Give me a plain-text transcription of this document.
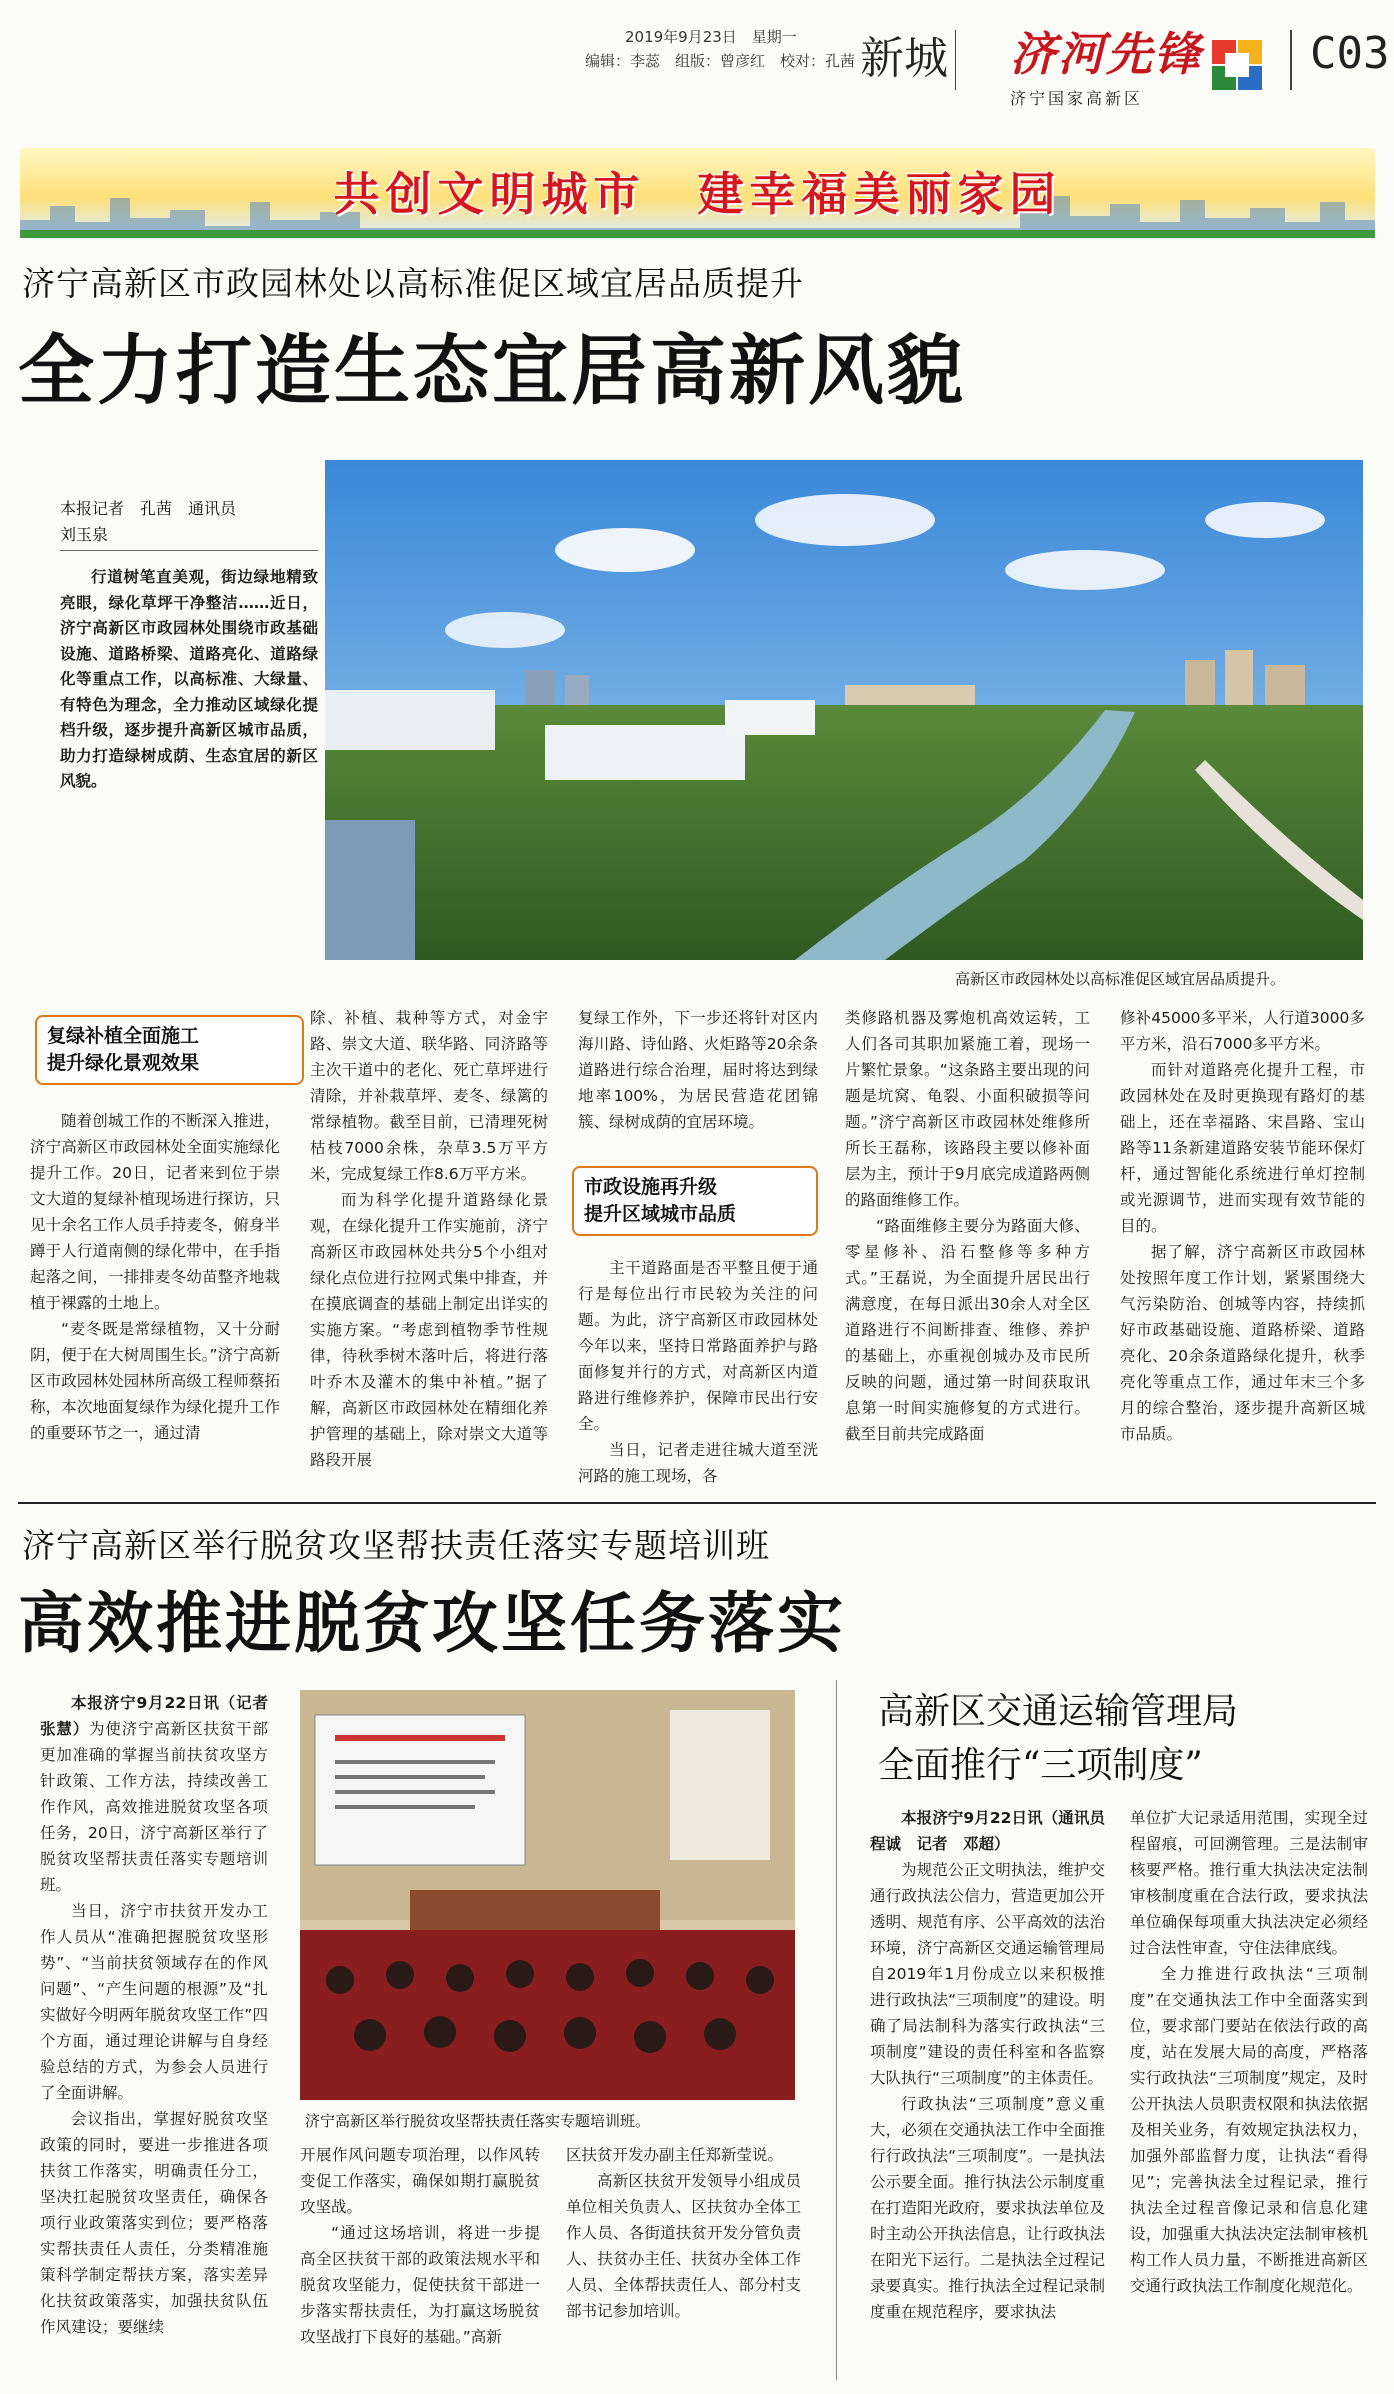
2019年9月23日　星期一
编辑：李蕊　组版：曾彦红　校对：孔茜 新城 济河先锋
济宁国家高新区
C03
共创文明城市　建幸福美丽家园
济宁高新区市政园林处以高标准促区域宜居品质提升
全力打造生态宜居高新风貌
本报记者　孔茜　通讯员
刘玉泉
行道树笔直美观，街边绿地精致亮眼，绿化草坪干净整洁……近日，济宁高新区市政园林处围绕市政基础设施、道路桥梁、道路亮化、道路绿化等重点工作，以高标准、大绿量、有特色为理念，全力推动区域绿化提档升级，逐步提升高新区城市品质，助力打造绿树成荫、生态宜居的新区风貌。
高新区市政园林处以高标准促区域宜居品质提升。
复绿补植全面施工
提升绿化景观效果
随着创城工作的不断深入推进，济宁高新区市政园林处全面实施绿化提升工作。20日，记者来到位于崇文大道的复绿补植现场进行探访，只见十余名工作人员手持麦冬，俯身半蹲于人行道南侧的绿化带中，在手指起落之间，一排排麦冬幼苗整齐地栽植于裸露的土地上。
“麦冬既是常绿植物，又十分耐阴，便于在大树周围生长。”济宁高新区市政园林处园林所高级工程师蔡拓称，本次地面复绿作为绿化提升工作的重要环节之一，通过清
除、补植、栽种等方式，对金宇路、崇文大道、联华路、同济路等主次干道中的老化、死亡草坪进行清除，并补栽草坪、麦冬、绿篱的常绿植物。截至目前，已清理死树枯枝7000余株，杂草3.5万平方米，完成复绿工作8.6万平方米。
而为科学化提升道路绿化景观，在绿化提升工作实施前，济宁高新区市政园林处共分5个小组对绿化点位进行拉网式集中排查，并在摸底调查的基础上制定出详实的实施方案。“考虑到植物季节性规律，待秋季树木落叶后，将进行落叶乔木及灌木的集中补植。”据了解，高新区市政园林处在精细化养护管理的基础上，除对崇文大道等路段开展
复绿工作外，下一步还将针对区内海川路、诗仙路、火炬路等20余条道路进行综合治理，届时将达到绿地率100%，为居民营造花团锦簇、绿树成荫的宜居环境。
市政设施再升级
提升区域城市品质
主干道路面是否平整且便于通行是每位出行市民较为关注的问题。为此，济宁高新区市政园林处今年以来，坚持日常路面养护与路面修复并行的方式，对高新区内道路进行维修养护，保障市民出行安全。
当日，记者走进往城大道至洸河路的施工现场，各
类修路机器及雾炮机高效运转，工人们各司其职加紧施工着，现场一片繁忙景象。“这条路主要出现的问题是坑窝、龟裂、小面积破损等问题。”济宁高新区市政园林处维修所所长王磊称，该路段主要以修补面层为主，预计于9月底完成道路两侧的路面维修工作。
“路面维修主要分为路面大修、零星修补、沿石整修等多种方式。”王磊说，为全面提升居民出行满意度，在每日派出30余人对全区道路进行不间断排查、维修、养护的基础上，亦重视创城办及市民所反映的问题，通过第一时间获取讯息第一时间实施修复的方式进行。截至目前共完成路面
修补45000多平米，人行道3000多平方米，沿石7000多平方米。
而针对道路亮化提升工程，市政园林处在及时更换现有路灯的基础上，还在幸福路、宋昌路、宝山路等11条新建道路安装节能环保灯杆，通过智能化系统进行单灯控制或光源调节，进而实现有效节能的目的。
据了解，济宁高新区市政园林处按照年度工作计划，紧紧围绕大气污染防治、创城等内容，持续抓好市政基础设施、道路桥梁、道路亮化、20余条道路绿化提升，秋季亮化等重点工作，通过年末三个多月的综合整治，逐步提升高新区城市品质。
济宁高新区举行脱贫攻坚帮扶责任落实专题培训班
高效推进脱贫攻坚任务落实
本报济宁9月22日讯（记者　张慧）为使济宁高新区扶贫干部更加准确的掌握当前扶贫攻坚方针政策、工作方法，持续改善工作作风，高效推进脱贫攻坚各项任务，20日，济宁高新区举行了脱贫攻坚帮扶责任落实专题培训班。
当日，济宁市扶贫开发办工作人员从“准确把握脱贫攻坚形势”、“当前扶贫领域存在的作风问题”、“产生问题的根源”及“扎实做好今明两年脱贫攻坚工作”四个方面，通过理论讲解与自身经验总结的方式，为参会人员进行了全面讲解。
会议指出，掌握好脱贫攻坚政策的同时，要进一步推进各项扶贫工作落实，明确责任分工，坚决扛起脱贫攻坚责任，确保各项行业政策落实到位；要严格落实帮扶责任人责任，分类精准施策科学制定帮扶方案，落实差异化扶贫政策落实，加强扶贫队伍作风建设；要继续
济宁高新区举行脱贫攻坚帮扶责任落实专题培训班。
开展作风问题专项治理，以作风转变促工作落实，确保如期打赢脱贫攻坚战。
“通过这场培训，将进一步提高全区扶贫干部的政策法规水平和脱贫攻坚能力，促使扶贫干部进一步落实帮扶责任，为打赢这场脱贫攻坚战打下良好的基础。”高新
区扶贫开发办副主任郑新莹说。
高新区扶贫开发领导小组成员单位相关负责人、区扶贫办全体工作人员、各街道扶贫开发分管负责人、扶贫办主任、扶贫办全体工作人员、全体帮扶责任人、部分村支部书记参加培训。
高新区交通运输管理局
全面推行“三项制度”
本报济宁9月22日讯（通讯员　程诚　记者　邓超）
为规范公正文明执法，维护交通行政执法公信力，营造更加公开透明、规范有序、公平高效的法治环境，济宁高新区交通运输管理局自2019年1月份成立以来积极推进行政执法“三项制度”的建设。明确了局法制科为落实行政执法“三项制度”建设的责任科室和各监察大队执行“三项制度”的主体责任。
行政执法“三项制度”意义重大，必须在交通执法工作中全面推行行政执法“三项制度”。一是执法公示要全面。推行执法公示制度重在打造阳光政府，要求执法单位及时主动公开执法信息，让行政执法在阳光下运行。二是执法全过程记录要真实。推行执法全过程记录制度重在规范程序，要求执法
单位扩大记录适用范围，实现全过程留痕，可回溯管理。三是法制审核要严格。推行重大执法决定法制审核制度重在合法行政，要求执法单位确保每项重大执法决定必须经过合法性审查，守住法律底线。
全力推进行政执法“三项制度”在交通执法工作中全面落实到位，要求部门要站在依法行政的高度，站在发展大局的高度，严格落实行政执法“三项制度”规定，及时公开执法人员职责权限和执法依据及相关业务，有效规定执法权力，加强外部监督力度，让执法“看得见”；完善执法全过程记录，推行执法全过程音像记录和信息化建设，加强重大执法决定法制审核机构工作人员力量，不断推进高新区交通行政执法工作制度化规范化。
